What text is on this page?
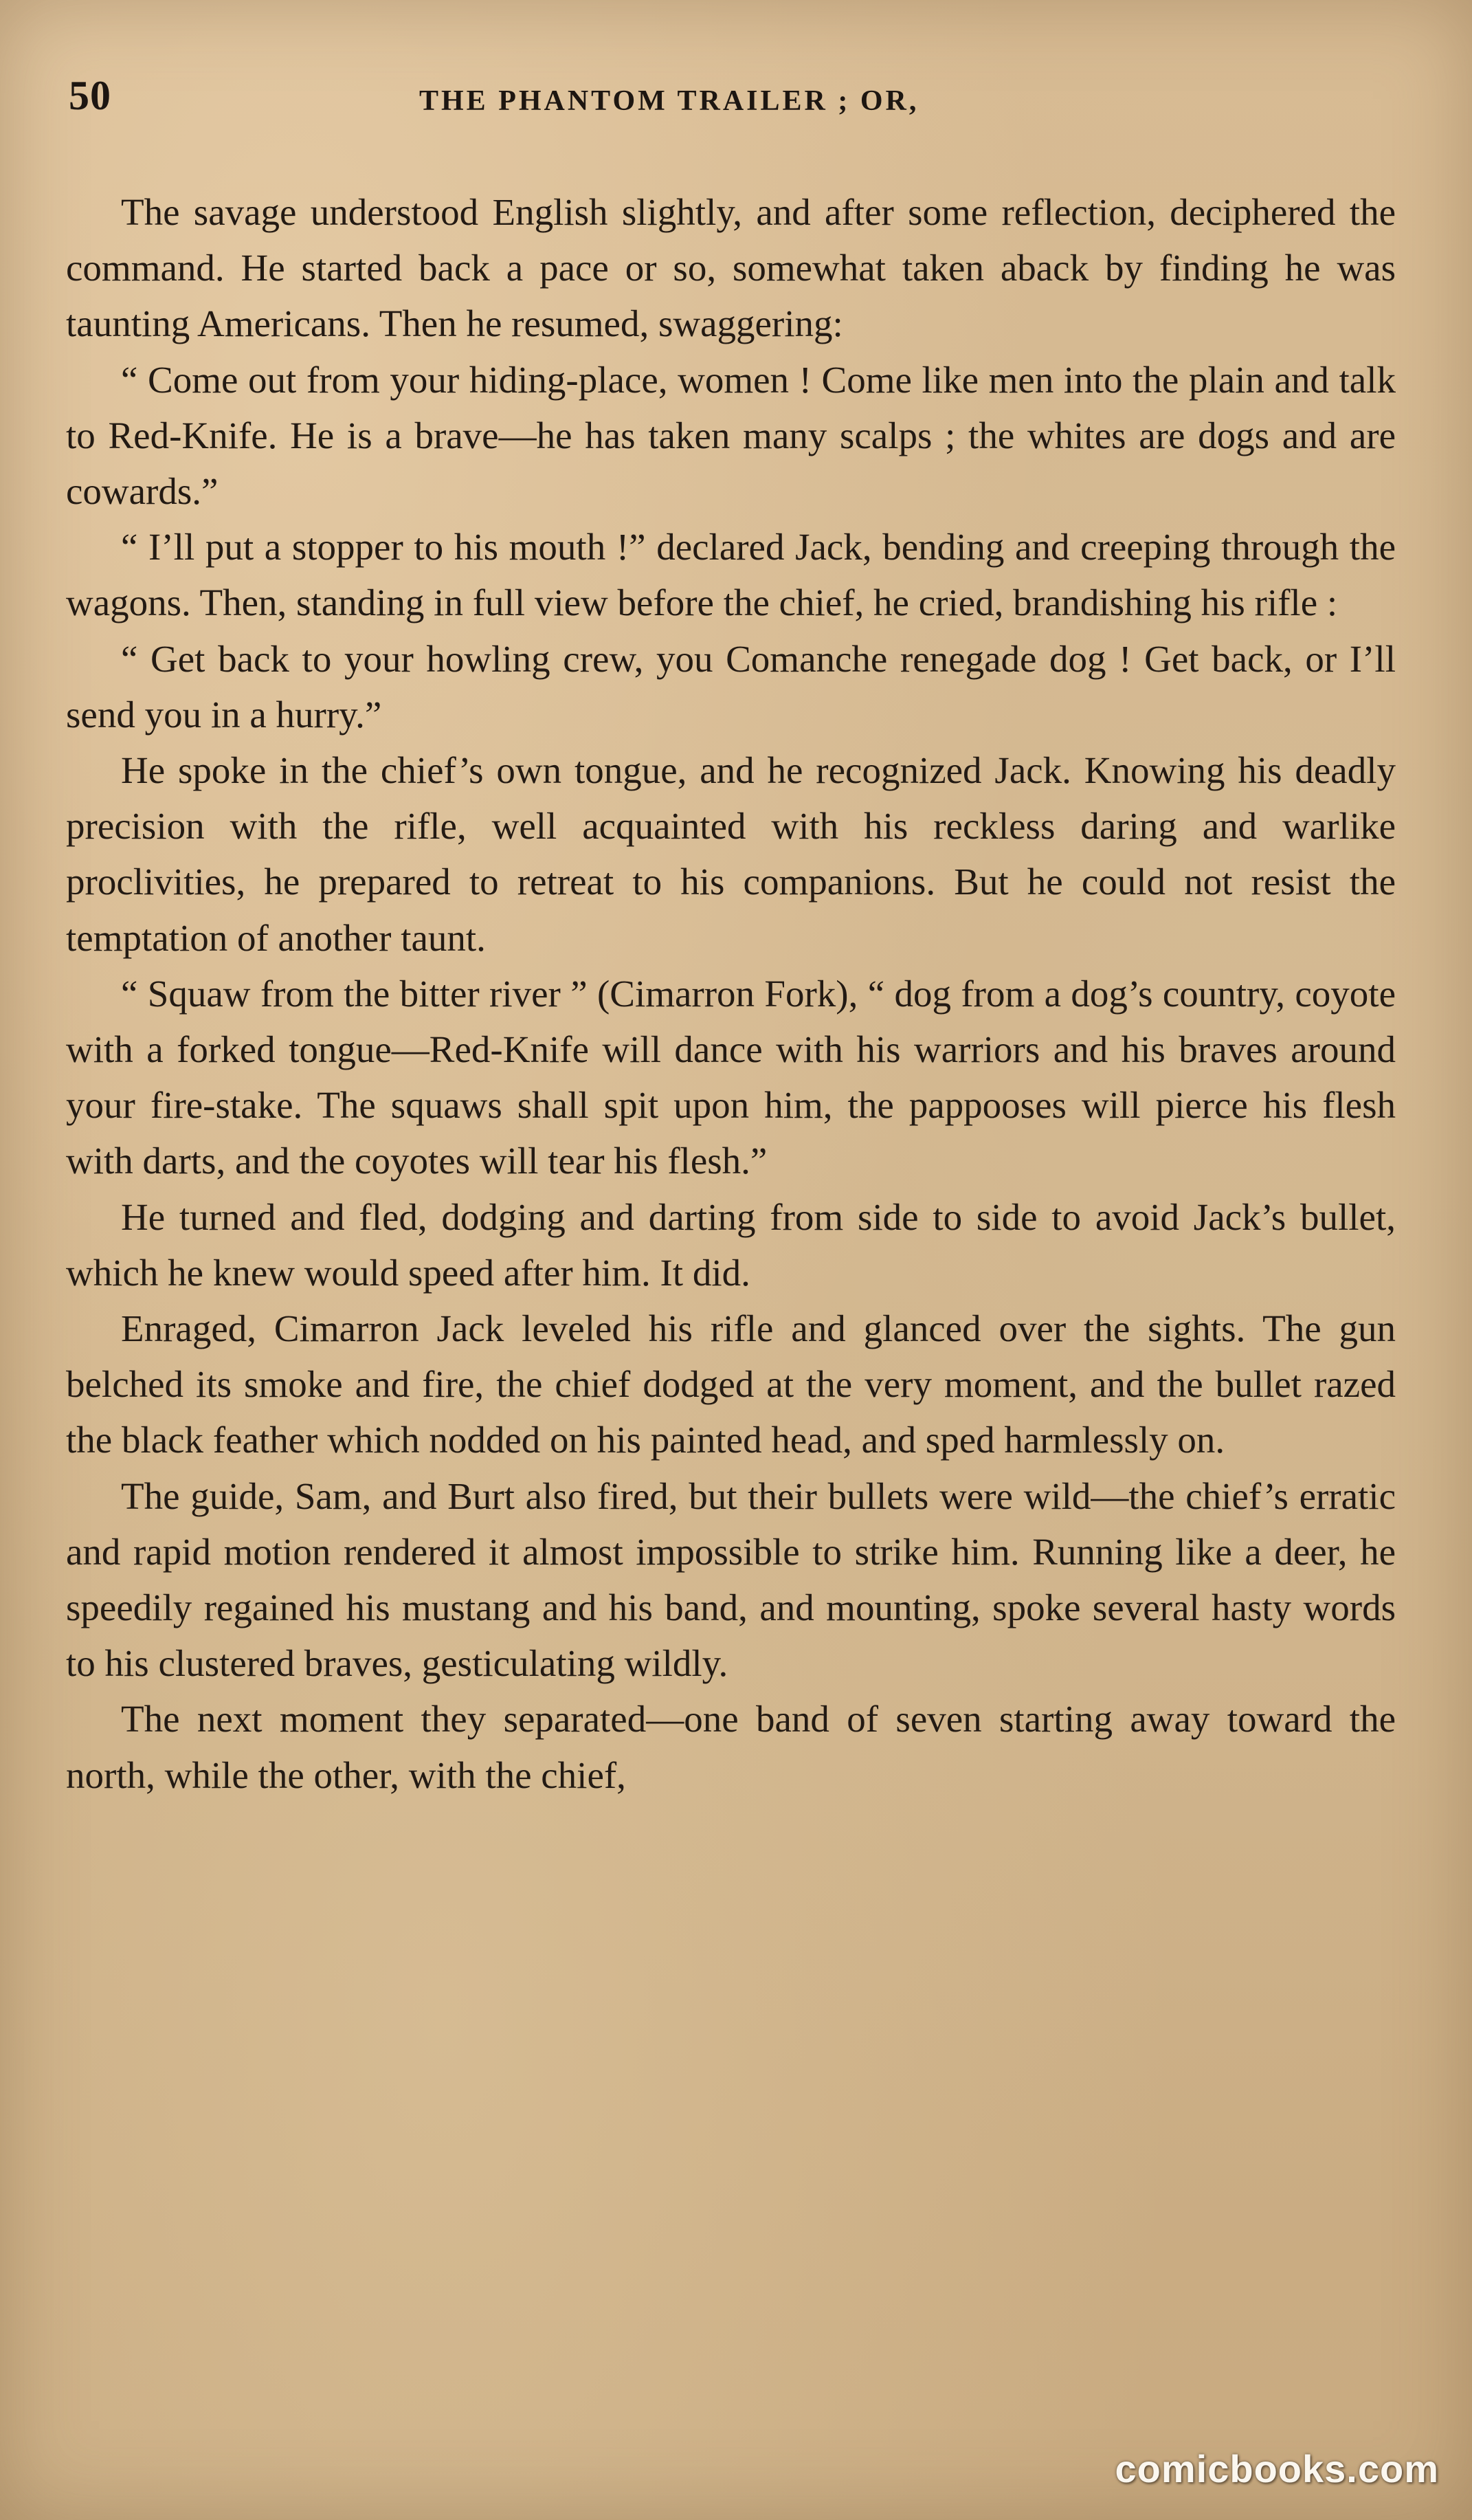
50	THE PHANTOM TRAILER ; OR,

The savage understood English slightly, and after some reflection, deciphered the command. He started back a pace or so, somewhat taken aback by finding he was taunting Americans. Then he resumed, swaggering:

“ Come out from your hiding-place, women ! Come like men into the plain and talk to Red-Knife. He is a brave—he has taken many scalps ; the whites are dogs and are cowards.”

“ I’ll put a stopper to his mouth !” declared Jack, bending and creeping through the wagons. Then, standing in full view before the chief, he cried, brandishing his rifle :

“ Get back to your howling crew, you Comanche renegade dog ! Get back, or I’ll send you in a hurry.”

He spoke in the chief’s own tongue, and he recognized Jack. Knowing his deadly precision with the rifle, well acquainted with his reckless daring and warlike proclivities, he prepared to retreat to his companions. But he could not resist the temptation of another taunt.

“ Squaw from the bitter river ” (Cimarron Fork), “ dog from a dog’s country, coyote with a forked tongue—Red-Knife will dance with his warriors and his braves around your fire-stake. The squaws shall spit upon him, the pappooses will pierce his flesh with darts, and the coyotes will tear his flesh.”

He turned and fled, dodging and darting from side to side to avoid Jack’s bullet, which he knew would speed after him. It did.

Enraged, Cimarron Jack leveled his rifle and glanced over the sights. The gun belched its smoke and fire, the chief dodged at the very moment, and the bullet razed the black feather which nodded on his painted head, and sped harmlessly on.

The guide, Sam, and Burt also fired, but their bullets were wild—the chief’s erratic and rapid motion rendered it almost impossible to strike him. Running like a deer, he speedily regained his mustang and his band, and mounting, spoke several hasty words to his clustered braves, gesticulating wildly.

The next moment they separated—one band of seven starting away toward the north, while the other, with the chief,

comicbooks.com
